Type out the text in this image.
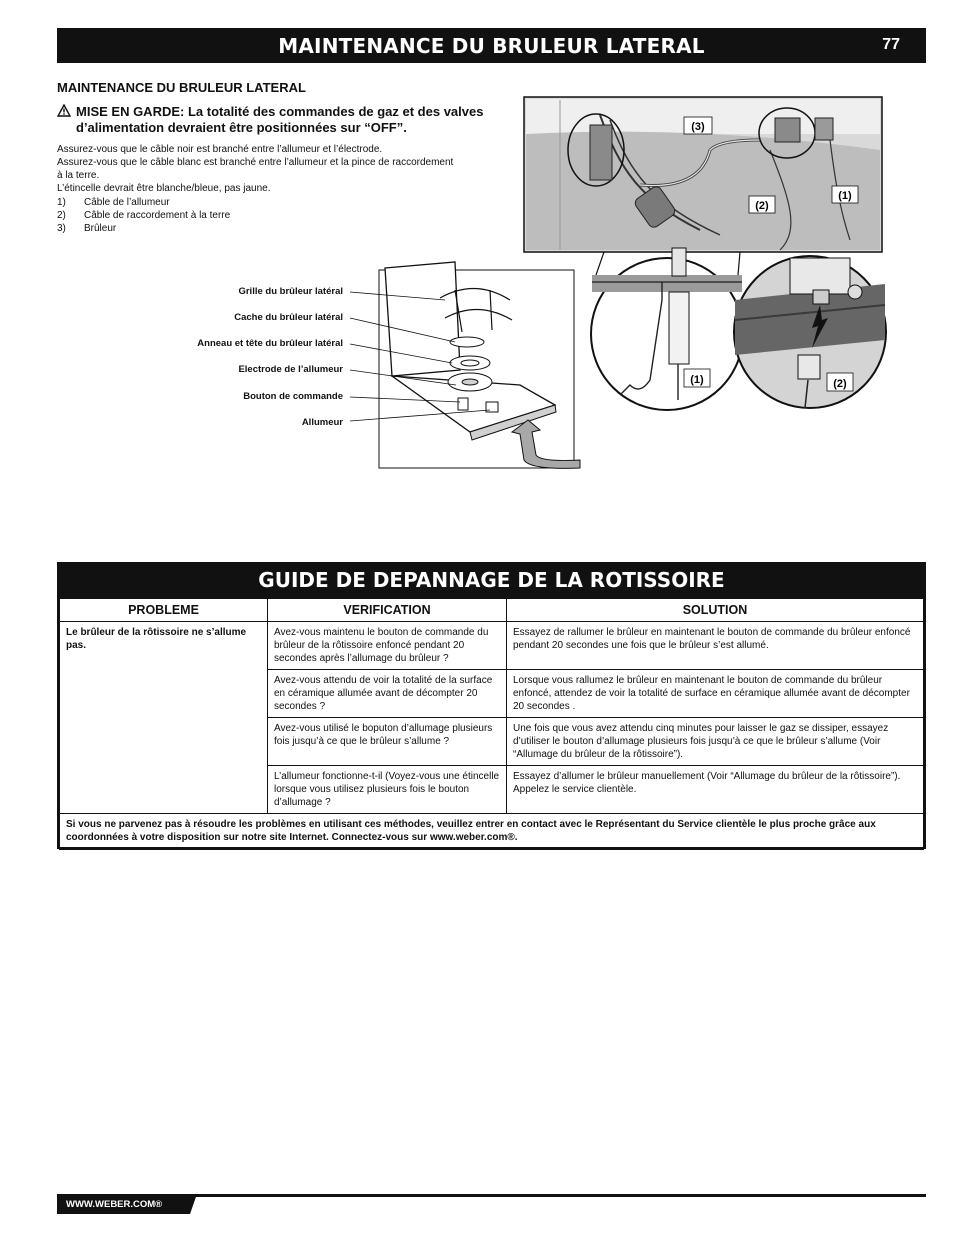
MAINTENANCE DU BRULEUR LATERAL	77
MAINTENANCE DU BRULEUR LATERAL
MISE EN GARDE: La totalité des commandes de gaz et des valves d’alimentation devraient être positionnées sur “OFF”.

Assurez-vous que le câble noir est branché entre l’allumeur et l’électrode.

Assurez-vous que le câble blanc est branché entre l’allumeur et la pince de raccordement à la terre.

L’étincelle devrait être blanche/bleue, pas jaune.

1)	Câble de l’allumeur
2)	Câble de raccordement à la terre
3)	Brûleur
(3)
(2)
(1)
(1)	(2)
Grille du brûleur latéral
Cache du brûleur latéral
Anneau et tête du brûleur latéral
Electrode de l’allumeur
Bouton de commande
Allumeur
GUIDE DE DEPANNAGE DE LA ROTISSOIRE
PROBLEME	VERIFICATION	SOLUTION
Le brûleur de la rôtissoire ne s’allume pas.	Avez-vous maintenu le bouton de commande du brûleur de la rôtissoire enfoncé pendant 20 secondes après l’allumage du brûleur ?	Essayez de rallumer le brûleur en maintenant le bouton de commande du brûleur enfoncé pendant 20 secondes une fois que le brûleur s’est allumé.
	Avez-vous attendu de voir la totalité de la surface en céramique allumée avant de décompter 20 secondes ?	Lorsque vous rallumez le brûleur en maintenant le bouton de commande du brûleur enfoncé, attendez de voir la totalité de surface en céramique allumée avant de décompter 20 secondes .
	Avez-vous utilisé le boputon d’allumage plusieurs fois jusqu’à ce que le brûleur s’allume ?	Une fois que vous avez attendu cinq minutes pour laisser le gaz se dissiper, essayez d’utiliser le bouton d’allumage plusieurs fois jusqu’à ce que le brûleur s’allume (Voir “Allumage du brûleur de la rôtissoire”).
	L’allumeur fonctionne-t-il (Voyez-vous une étincelle lorsque vous utilisez plusieurs fois le bouton d’allumage ?	Essayez d’allumer le brûleur manuellement (Voir “Allumage du brûleur de la rôtissoire”). Appelez le service clientèle.
Si vous ne parvenez pas à résoudre les problèmes en utilisant ces méthodes, veuillez entrer en contact avec le Représentant du Service clientèle le plus proche grâce aux coordonnées à votre disposition sur notre site Internet. Connectez-vous sur www.weber.com®.		
WWW.WEBER.COM®
